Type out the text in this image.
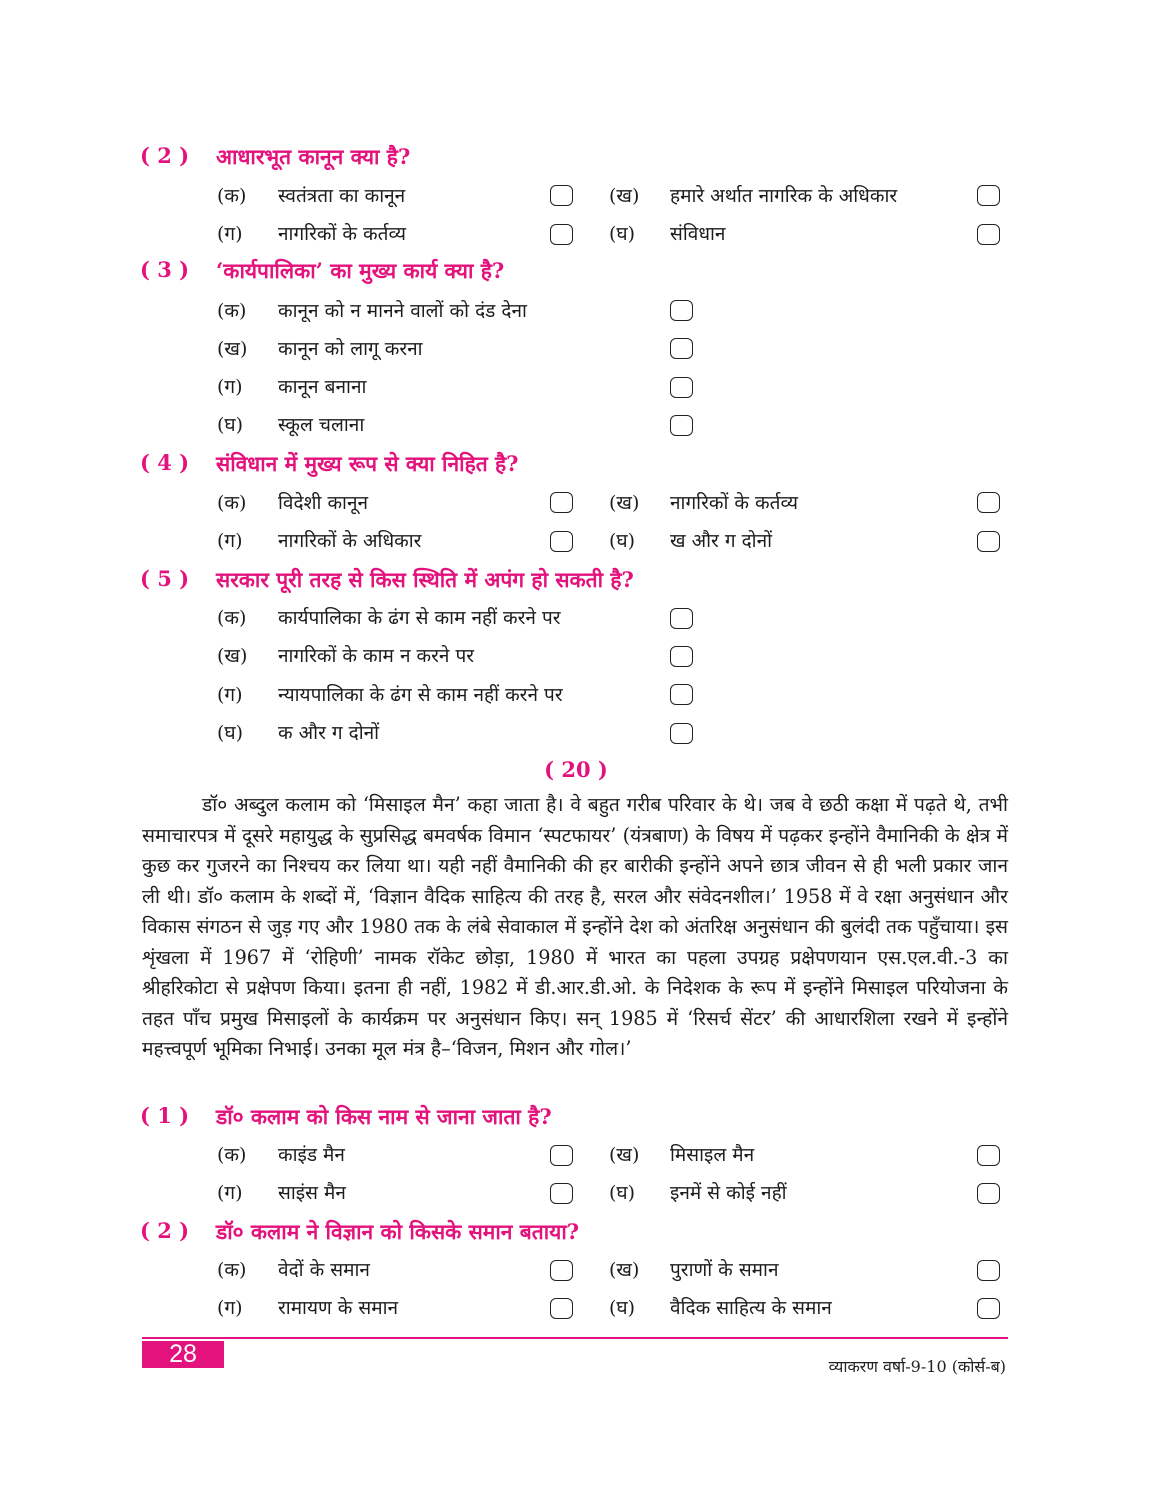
( 2 )	आधारभूत कानून क्या है?
(क)	स्वतंत्रता का कानून	(ख)	हमारे अर्थात नागरिक के अधिकार
(ग)	नागरिकों के कर्तव्य	(घ)	संविधान
( 3 )	‘कार्यपालिका’ का मुख्य कार्य क्या है?
(क)	कानून को न मानने वालों को दंड देना
(ख)	कानून को लागू करना
(ग)	कानून बनाना
(घ)	स्कूल चलाना
( 4 )	संविधान में मुख्य रूप से क्या निहित है?
(क)	विदेशी कानून	(ख)	नागरिकों के कर्तव्य
(ग)	नागरिकों के अधिकार	(घ)	ख और ग दोनों
( 5 )	सरकार पूरी तरह से किस स्थिति में अपंग हो सकती है?
(क)	कार्यपालिका के ढंग से काम नहीं करने पर
(ख)	नागरिकों के काम न करने पर
(ग)	न्यायपालिका के ढंग से काम नहीं करने पर
(घ)	क और ग दोनों
( 20 )

डॉ० अब्दुल कलाम को ‘मिसाइल मैन’ कहा जाता है। वे बहुत गरीब परिवार के थे। जब वे छठी कक्षा में पढ़ते थे, तभी समाचारपत्र में दूसरे महायुद्ध के सुप्रसिद्ध बमवर्षक विमान ‘स्पटफायर’ (यंत्रबाण) के विषय में पढ़कर इन्होंने वैमानिकी के क्षेत्र में कुछ कर गुजरने का निश्चय कर लिया था। यही नहीं वैमानिकी की हर बारीकी इन्होंने अपने छात्र जीवन से ही भली प्रकार जान ली थी। डॉ० कलाम के शब्दों में, ‘विज्ञान वैदिक साहित्य की तरह है, सरल और संवेदनशील।’ 1958 में वे रक्षा अनुसंधान और विकास संगठन से जुड़ गए और 1980 तक के लंबे सेवाकाल में इन्होंने देश को अंतरिक्ष अनुसंधान की बुलंदी तक पहुँचाया। इस शृंखला में 1967 में ‘रोहिणी’ नामक रॉकेट छोड़ा, 1980 में भारत का पहला उपग्रह प्रक्षेपणयान एस.एल.वी.-3 का श्रीहरिकोटा से प्रक्षेपण किया। इतना ही नहीं, 1982 में डी.आर.डी.ओ. के निदेशक के रूप में इन्होंने मिसाइल परियोजना के तहत पाँच प्रमुख मिसाइलों के कार्यक्रम पर अनुसंधान किए। सन् 1985 में ‘रिसर्च सेंटर’ की आधारशिला रखने में इन्होंने महत्त्वपूर्ण भूमिका निभाई। उनका मूल मंत्र है–‘विजन, मिशन और गोल।’

( 1 )	डॉ० कलाम को किस नाम से जाना जाता है?
(क)	काइंड मैन	(ख)	मिसाइल मैन
(ग)	साइंस मैन	(घ)	इनमें से कोई नहीं
( 2 )	डॉ० कलाम ने विज्ञान को किसके समान बताया?
(क)	वेदों के समान	(ख)	पुराणों के समान
(ग)	रामायण के समान	(घ)	वैदिक साहित्य के समान
28	व्याकरण वर्षा-9-10 (कोर्स-ब)
